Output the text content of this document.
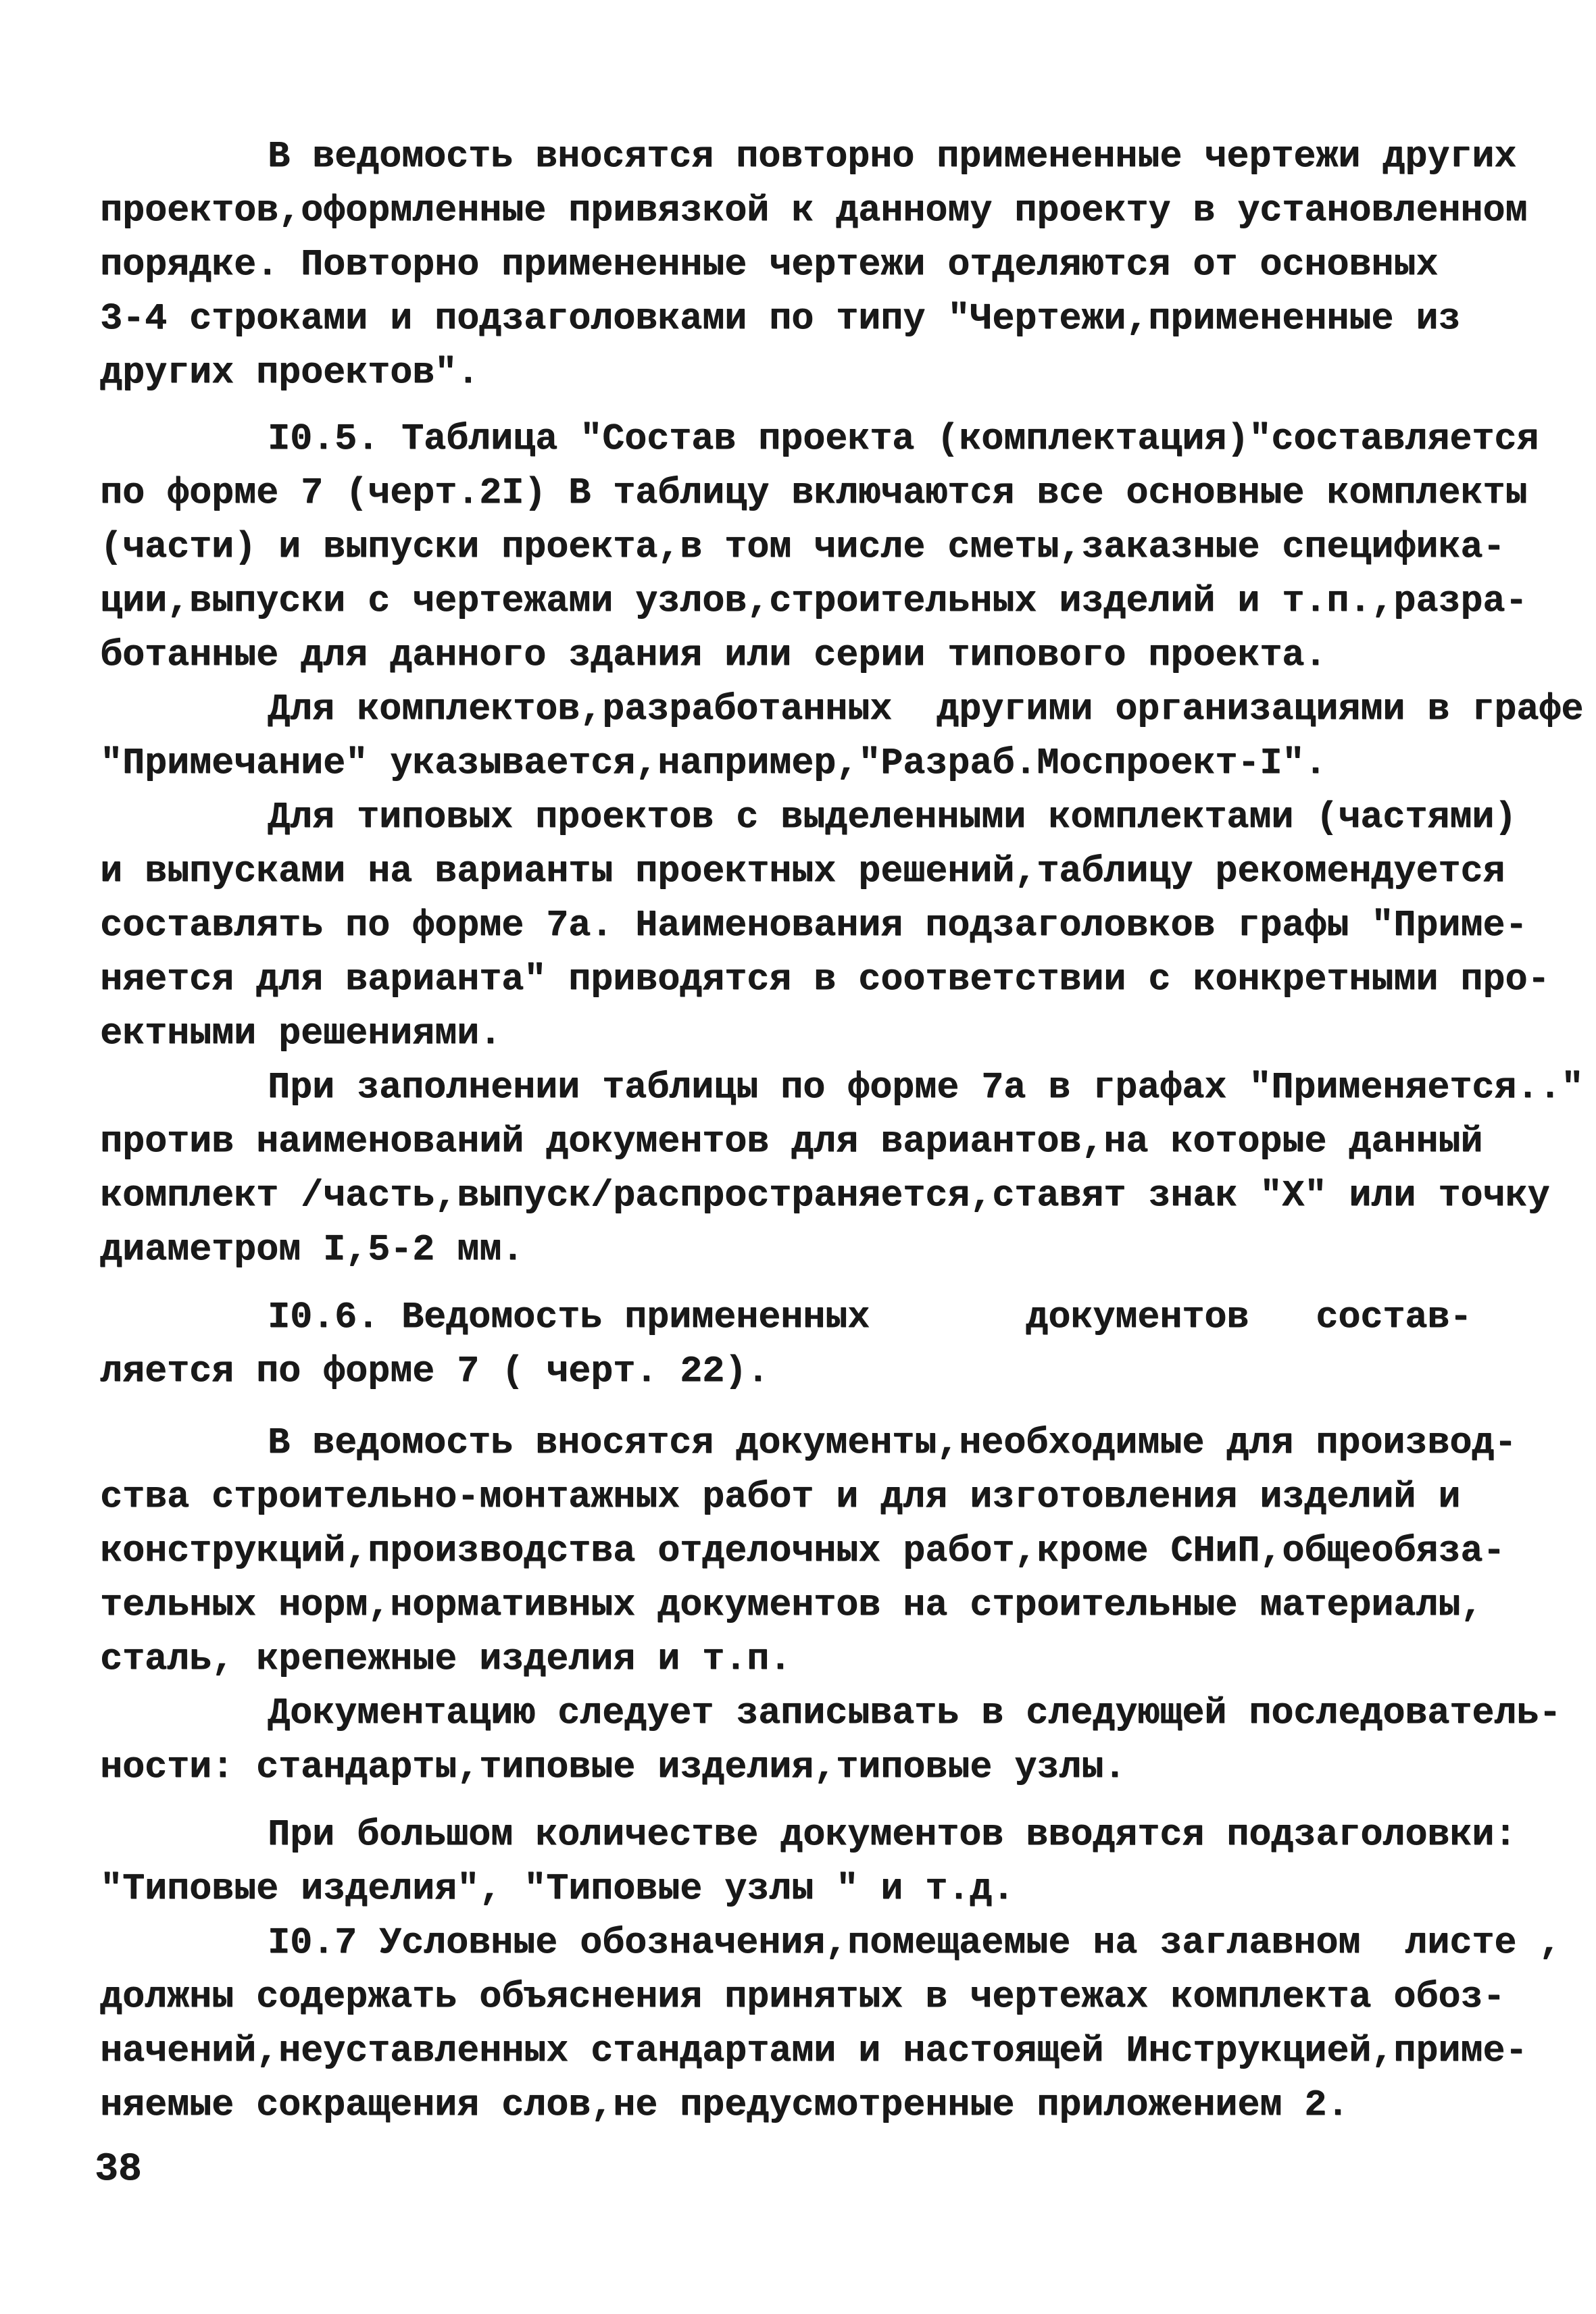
В ведомость вносятся повторно примененные чертежи других
проектов,оформленные привязкой к данному проекту в установленном
порядке. Повторно примененные чертежи отделяются от основных
3-4 строками и подзаголовками по типу "Чертежи,примененные из
других проектов".
I0.5. Таблица "Состав проекта (комплектация)"составляется
по форме 7 (черт.2I) В таблицу включаются все основные комплекты
(части) и выпуски проекта,в том числе сметы,заказные специфика-
ции,выпуски с чертежами узлов,строительных изделий и т.п.,разра-
ботанные для данного здания или серии типового проекта.
Для комплектов,разработанных  другими организациями в графе
"Примечание" указывается,например,"Разраб.Моспроект-I".
Для типовых проектов с выделенными комплектами (частями)
и выпусками на варианты проектных решений,таблицу рекомендуется
составлять по форме 7а. Наименования подзаголовков графы "Приме-
няется для варианта" приводятся в соответствии с конкретными про-
ектными решениями.
При заполнении таблицы по форме 7а в графах "Применяется.."
против наименований документов для вариантов,на которые данный
комплект /часть,выпуск/распространяется,ставят знак "Х" или точку
диаметром I,5-2 мм.
I0.6. Ведомость примененных       документов   состав-
ляется по форме 7 ( черт. 22).
В ведомость вносятся документы,необходимые для производ-
ства строительно-монтажных работ и для изготовления изделий и
конструкций,производства отделочных работ,кроме СНиП,общеобяза-
тельных норм,нормативных документов на строительные материалы,
сталь, крепежные изделия и т.п.
Документацию следует записывать в следующей последователь-
ности: стандарты,типовые изделия,типовые узлы.
При большом количестве документов вводятся подзаголовки:
"Типовые изделия", "Типовые узлы " и т.д.
I0.7 Условные обозначения,помещаемые на заглавном  листе ,
должны содержать объяснения принятых в чертежах комплекта обоз-
начений,неуставленных стандартами и настоящей Инструкцией,приме-
няемые сокращения слов,не предусмотренные приложением 2.
38
